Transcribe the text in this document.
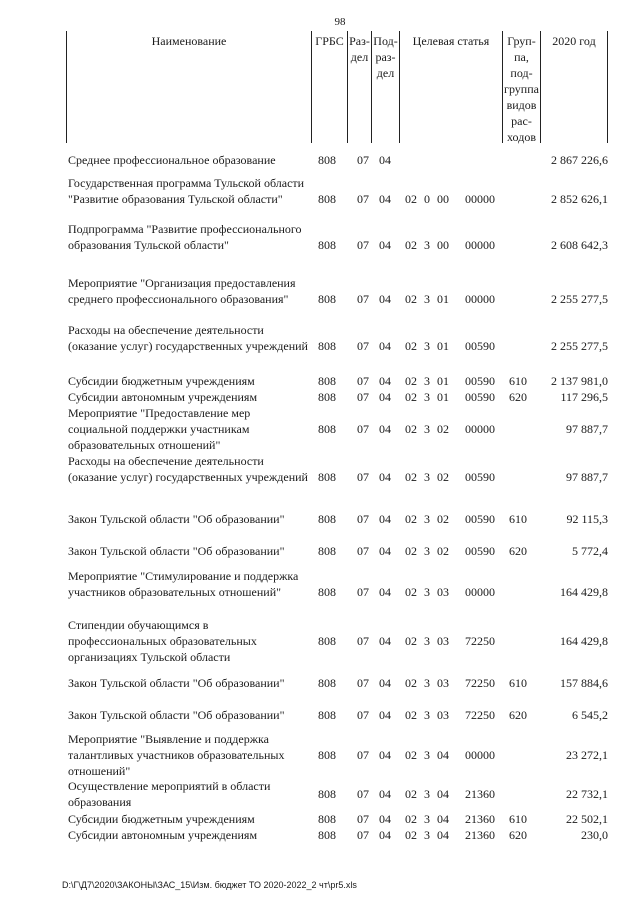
98
Наименование	ГРБС Раз-
дел
Под-
раз-
дел
Целевая статья	Груп-
па,
под-
группа
видов
рас-
ходов
2020 год
Среднее профессиональное образование	808 07 04	2 867 226,6
Государственная программа Тульской области "Развитие образования Тульской области"	808 07 04 02 0 00 00000	2 852 626,1
Подпрограмма "Развитие профессионального образования Тульской области"	808 07 04 02 3 00 00000	2 608 642,3
Мероприятие "Организация предоставления среднего профессионального образования"	808 07 04 02 3 01 00000	2 255 277,5
Расходы на обеспечение деятельности (оказание услуг) государственных учреждений 808 07 04 02 3 01 00590	2 255 277,5
Субсидии бюджетным учреждениям	808 07 04 02 3 01 00590 610	2 137 981,0
Субсидии автономным учреждениям	808 07 04 02 3 01 00590 620	117 296,5
Мероприятие "Предоставление мер социальной поддержки участникам образовательных отношений"
808 07 04 02 3 02 00000	97 887,7
Расходы на обеспечение деятельности (оказание услуг) государственных учреждений 808 07 04 02 3 02 00590	97 887,7
Закон Тульской области "Об образовании"	808 07 04 02 3 02 00590 610	92 115,3
Закон Тульской области "Об образовании"	808 07 04 02 3 02 00590 620	5 772,4
Мероприятие "Стимулирование и поддержка участников образовательных отношений"	808 07 04 02 3 03 00000	164 429,8
Стипендии обучающимся в профессиональных образовательных организациях Тульской области
808 07 04 02 3 03 72250	164 429,8
Закон Тульской области "Об образовании"	808 07 04 02 3 03 72250 610	157 884,6
Закон Тульской области "Об образовании"	808 07 04 02 3 03 72250 620	6 545,2
Мероприятие "Выявление и поддержка талантливых участников образовательных отношений"
808 07 04 02 3 04 00000	23 272,1
Осуществление мероприятий в области образования
808 07 04 02 3 04 21360	22 732,1
Субсидии бюджетным учреждениям	808 07 04 02 3 04 21360 610	22 502,1
Субсидии автономным учреждениям	808 07 04 02 3 04 21360 620	230,0
D:\Г\Д7\2020\ЗАКОНЫ\ЗАС_15\Изм. бюджет ТО 2020-2022_2 чт\pr5.xls
